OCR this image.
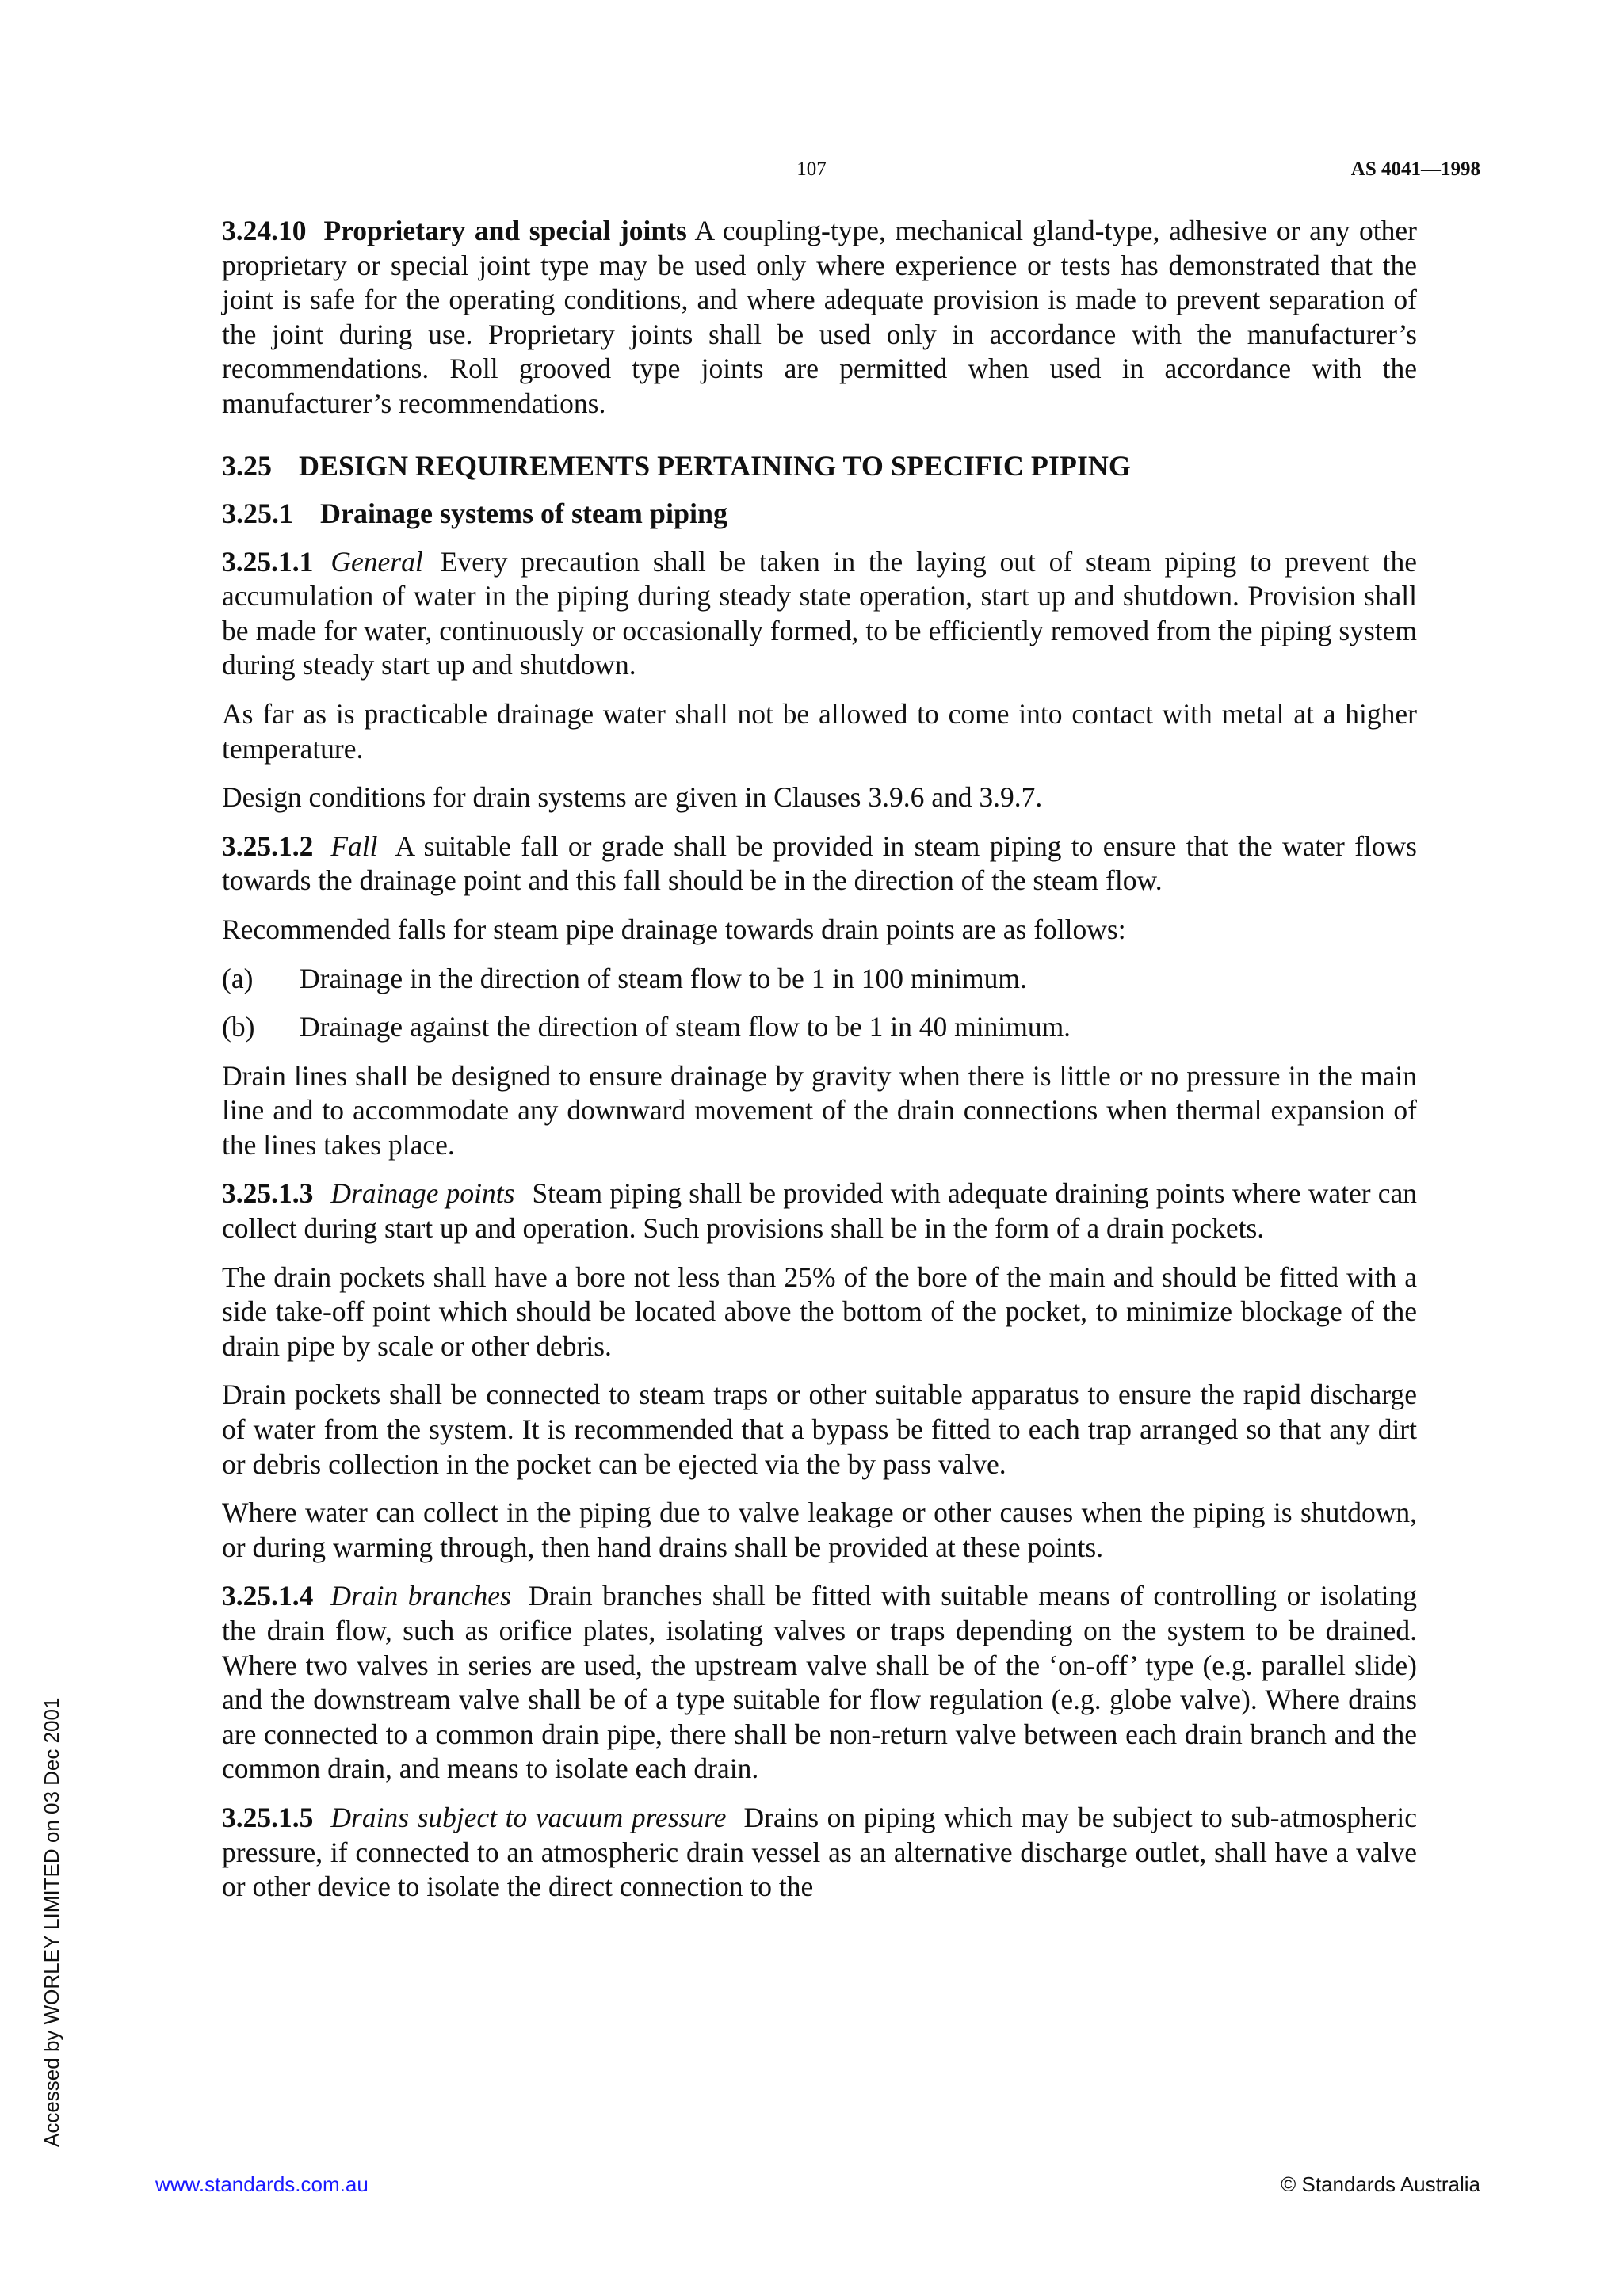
107	AS 4041—1998

3.24.10 Proprietary and special joints A coupling-type, mechanical gland-type, adhesive or any other proprietary or special joint type may be used only where experience or tests has demonstrated that the joint is safe for the operating conditions, and where adequate provision is made to prevent separation of the joint during use. Proprietary joints shall be used only in accordance with the manufacturer’s recommendations. Roll grooved type joints are permitted when used in accordance with the manufacturer’s recommendations.

3.25 DESIGN REQUIREMENTS PERTAINING TO SPECIFIC PIPING
3.25.1 Drainage systems of steam piping

3.25.1.1 General Every precaution shall be taken in the laying out of steam piping to prevent the accumulation of water in the piping during steady state operation, start up and shutdown. Provision shall be made for water, continuously or occasionally formed, to be efficiently removed from the piping system during steady start up and shutdown.

As far as is practicable drainage water shall not be allowed to come into contact with metal at a higher temperature.

Design conditions for drain systems are given in Clauses 3.9.6 and 3.9.7.

3.25.1.2 Fall A suitable fall or grade shall be provided in steam piping to ensure that the water flows towards the drainage point and this fall should be in the direction of the steam flow.

Recommended falls for steam pipe drainage towards drain points are as follows:

(a)	Drainage in the direction of steam flow to be 1 in 100 minimum.
(b)	Drainage against the direction of steam flow to be 1 in 40 minimum.

Drain lines shall be designed to ensure drainage by gravity when there is little or no pressure in the main line and to accommodate any downward movement of the drain connections when thermal expansion of the lines takes place.

3.25.1.3 Drainage points Steam piping shall be provided with adequate draining points where water can collect during start up and operation. Such provisions shall be in the form of a drain pockets.

The drain pockets shall have a bore not less than 25% of the bore of the main and should be fitted with a side take-off point which should be located above the bottom of the pocket, to minimize blockage of the drain pipe by scale or other debris.

Drain pockets shall be connected to steam traps or other suitable apparatus to ensure the rapid discharge of water from the system. It is recommended that a bypass be fitted to each trap arranged so that any dirt or debris collection in the pocket can be ejected via the by pass valve.

Where water can collect in the piping due to valve leakage or other causes when the piping is shutdown, or during warming through, then hand drains shall be provided at these points.

3.25.1.4 Drain branches Drain branches shall be fitted with suitable means of controlling or isolating the drain flow, such as orifice plates, isolating valves or traps depending on the system to be drained. Where two valves in series are used, the upstream valve shall be of the ‘on-off’ type (e.g. parallel slide) and the downstream valve shall be of a type suitable for flow regulation (e.g. globe valve). Where drains are connected to a common drain pipe, there shall be non-return valve between each drain branch and the common drain, and means to isolate each drain.

3.25.1.5 Drains subject to vacuum pressure Drains on piping which may be subject to sub-atmospheric pressure, if connected to an atmospheric drain vessel as an alternative discharge outlet, shall have a valve or other device to isolate the direct connection to the

Accessed by WORLEY LIMITED on 03 Dec 2001
www.standards.com.au	© Standards Australia
